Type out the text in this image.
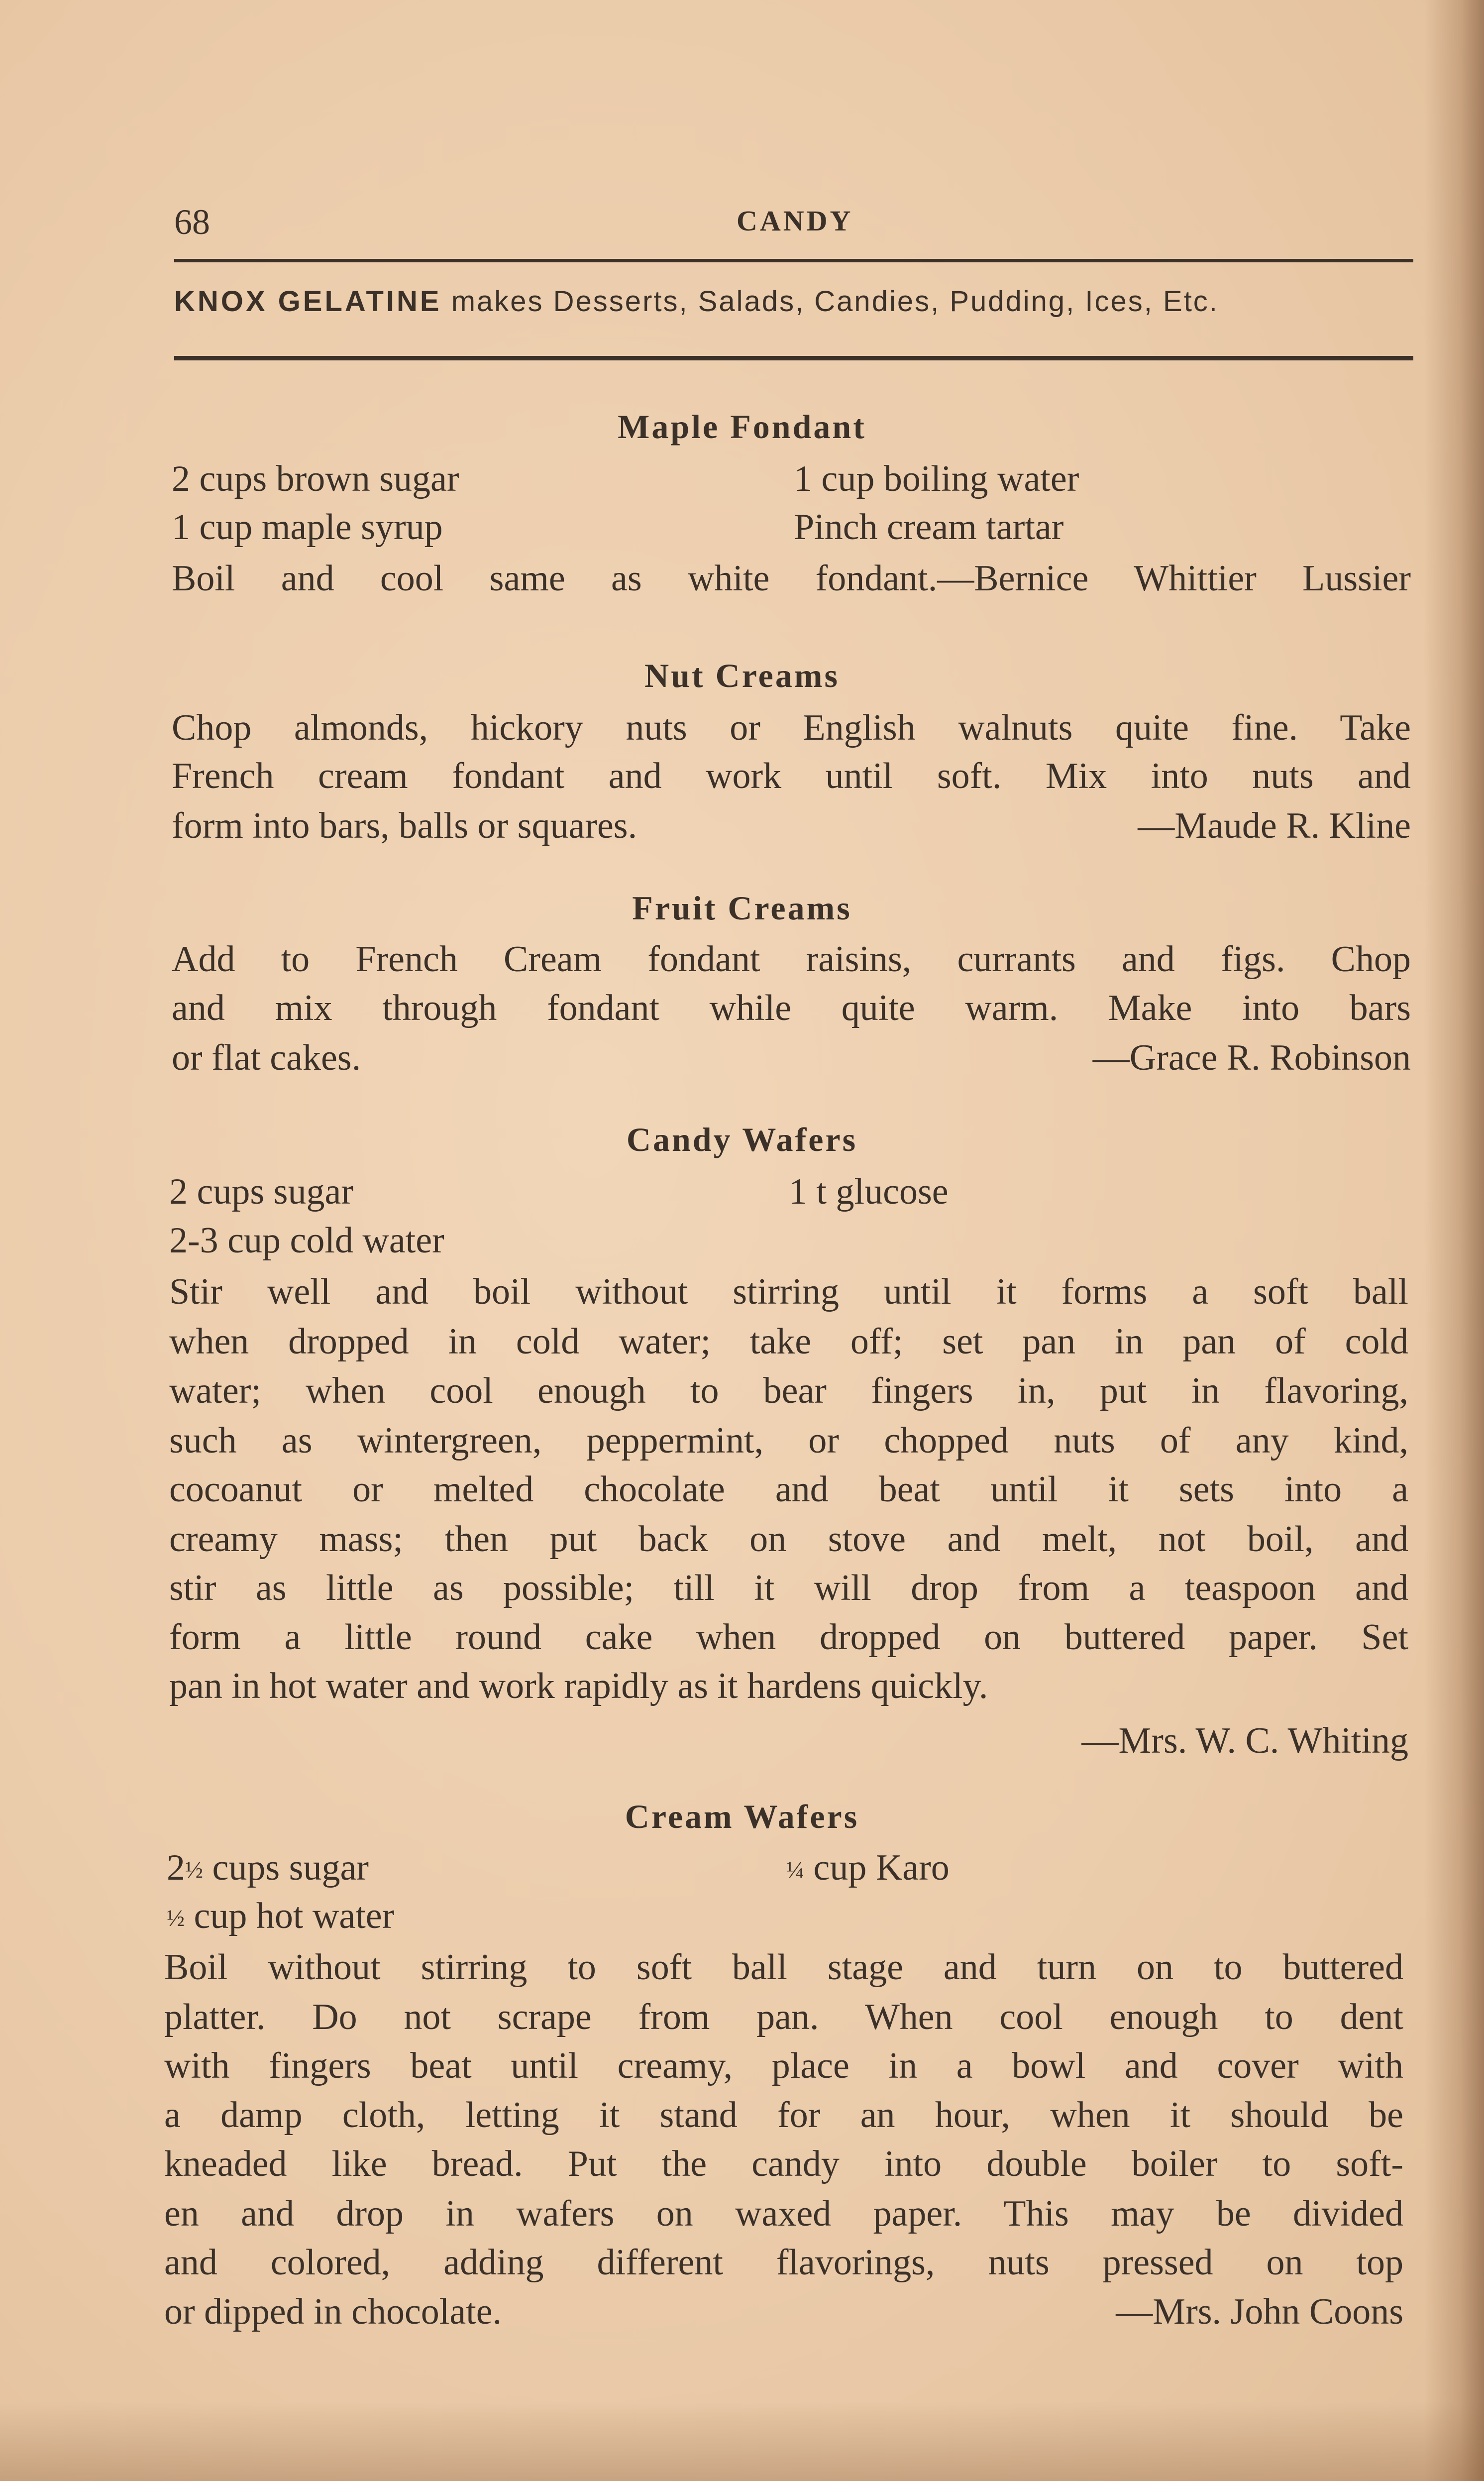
68	CANDY
KNOX GELATINE makes Desserts, Salads, Candies, Pudding, Ices, Etc.
Maple Fondant
2 cups brown sugar	1 cup boiling water
1 cup maple syrup	Pinch cream tartar
Boil and cool same as white fondant.—Bernice Whittier Lussier
Nut Creams
Chop almonds, hickory nuts or English walnuts quite fine. Take
French cream fondant and work until soft. Mix into nuts and
form into bars, balls or squares.	—Maude R. Kline
Fruit Creams
Add to French Cream fondant raisins, currants and figs. Chop
and mix through fondant while quite warm. Make into bars
or flat cakes.	—Grace R. Robinson
Candy Wafers
2 cups sugar	1 t glucose
2-3 cup cold water
Stir well and boil without stirring until it forms a soft ball
when dropped in cold water; take off; set pan in pan of cold
water; when cool enough to bear fingers in, put in flavoring,
such as wintergreen, peppermint, or chopped nuts of any kind,
cocoanut or melted chocolate and beat until it sets into a
creamy mass; then put back on stove and melt, not boil, and
stir as little as possible; till it will drop from a teaspoon and
form a little round cake when dropped on buttered paper. Set
pan in hot water and work rapidly as it hardens quickly.
—Mrs. W. C. Whiting
Cream Wafers
2½ cups sugar	¼ cup Karo
½ cup hot water
Boil without stirring to soft ball stage and turn on to buttered
platter. Do not scrape from pan. When cool enough to dent
with fingers beat until creamy, place in a bowl and cover with
a damp cloth, letting it stand for an hour, when it should be
kneaded like bread. Put the candy into double boiler to soft-
en and drop in wafers on waxed paper. This may be divided
and colored, adding different flavorings, nuts pressed on top
or dipped in chocolate.	—Mrs. John Coons
